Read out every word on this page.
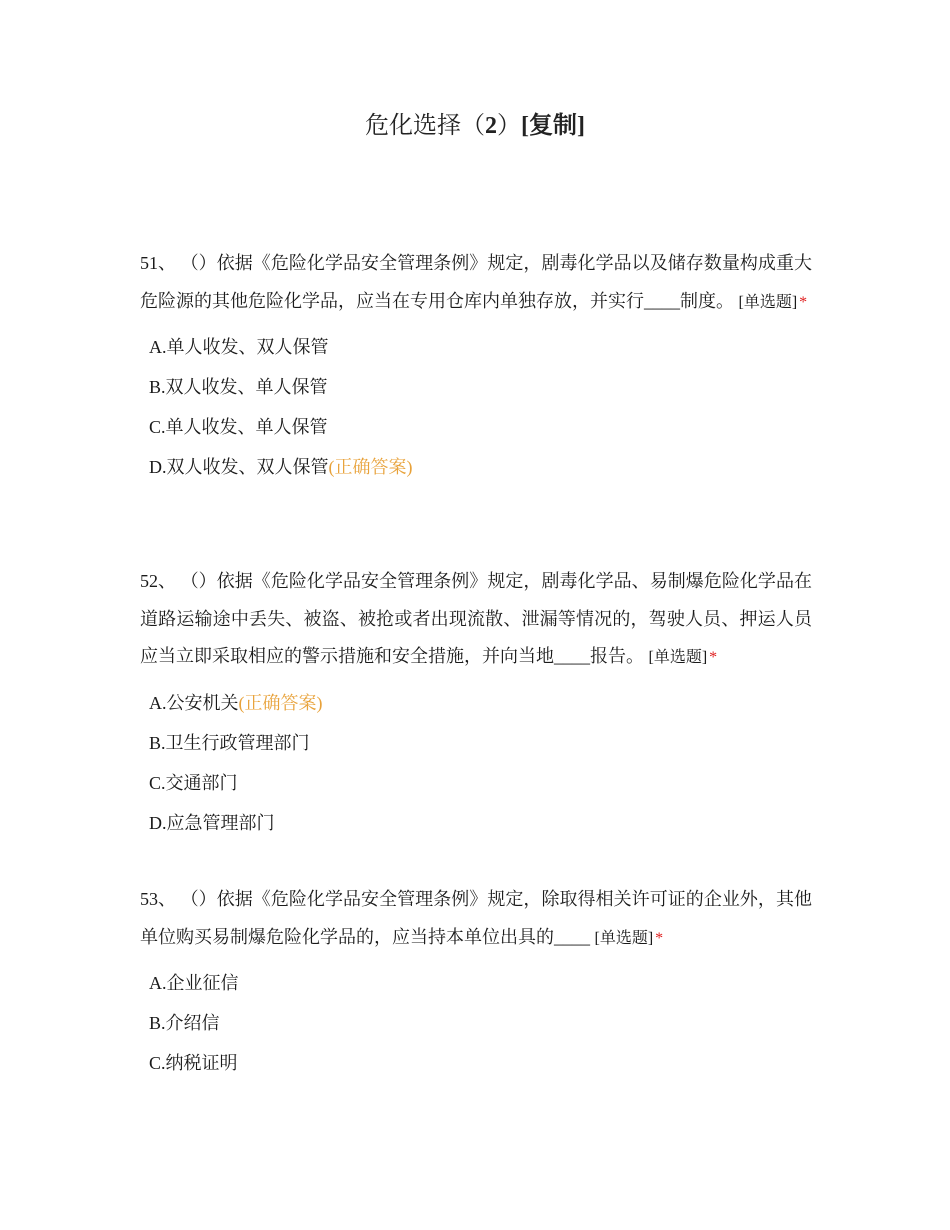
危化选择（2）[复制]

51、 （）依据《危险化学品安全管理条例》规定，剧毒化学品以及储存数量构成重大危险源的其他危险化学品，应当在专用仓库内单独存放，并实行____制度。 [单选题] *

A.单人收发、双人保管
B.双人收发、单人保管
C.单人收发、单人保管
D.双人收发、双人保管(正确答案)

52、 （）依据《危险化学品安全管理条例》规定，剧毒化学品、易制爆危险化学品在道路运输途中丢失、被盗、被抢或者出现流散、泄漏等情况的，驾驶人员、押运人员应当立即采取相应的警示措施和安全措施，并向当地____报告。 [单选题] *

A.公安机关(正确答案)
B.卫生行政管理部门
C.交通部门
D.应急管理部门

53、 （）依据《危险化学品安全管理条例》规定，除取得相关许可证的企业外，其他单位购买易制爆危险化学品的，应当持本单位出具的____ [单选题] *

A.企业征信
B.介绍信
C.纳税证明
